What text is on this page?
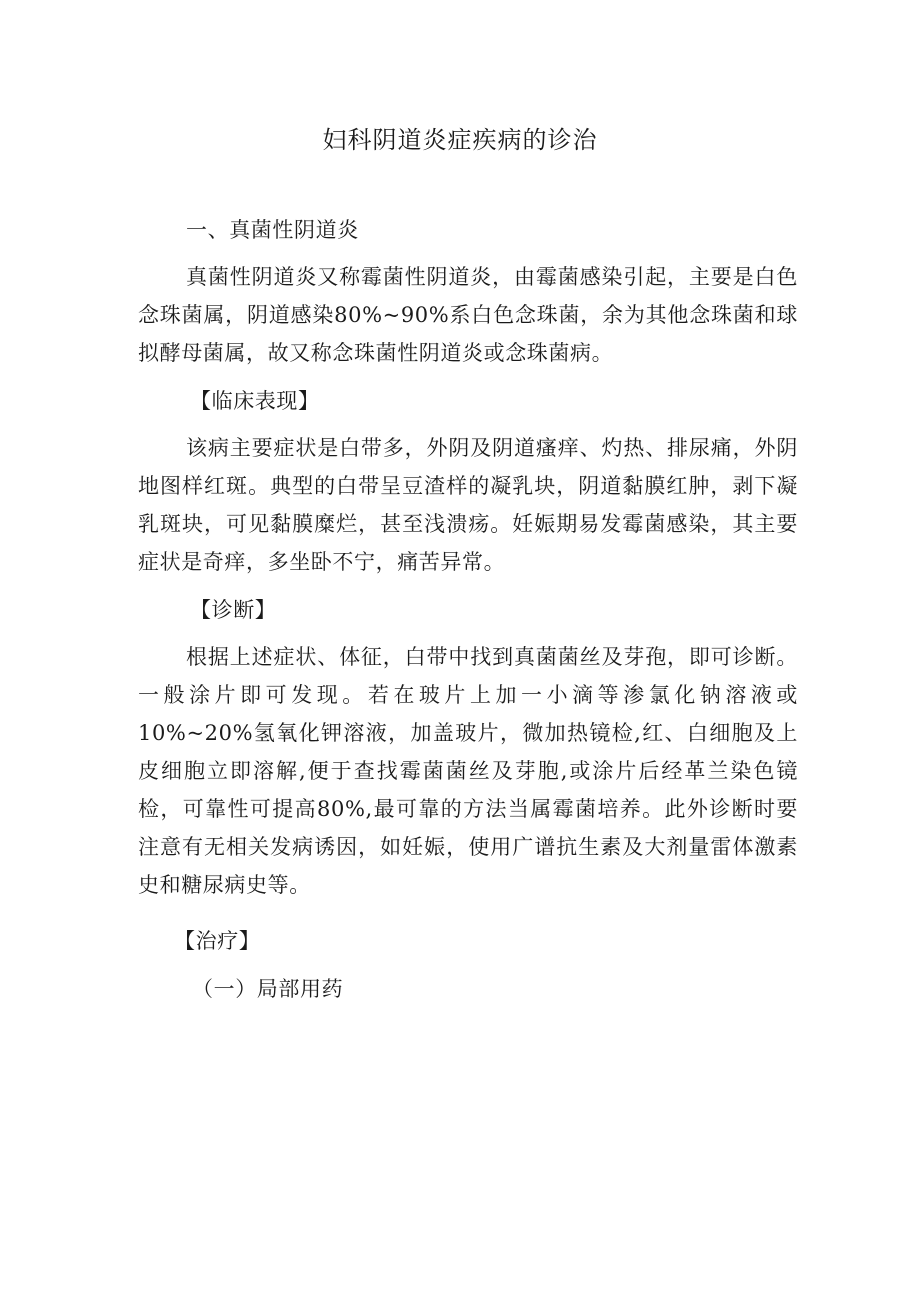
妇科阴道炎症疾病的诊治

一、真菌性阴道炎

真菌性阴道炎又称霉菌性阴道炎，由霉菌感染引起，主要是白色念珠菌属，阴道感染80%~90%系白色念珠菌，余为其他念珠菌和球拟酵母菌属，故又称念珠菌性阴道炎或念珠菌病。

【临床表现】

该病主要症状是白带多，外阴及阴道瘙痒、灼热、排尿痛，外阴地图样红斑。典型的白带呈豆渣样的凝乳块，阴道黏膜红肿，剥下凝乳斑块，可见黏膜糜烂，甚至浅溃疡。妊娠期易发霉菌感染，其主要症状是奇痒，多坐卧不宁，痛苦异常。

【诊断】

根据上述症状、体征，白带中找到真菌菌丝及芽孢，即可诊断。一般涂片即可发现。若在玻片上加一小滴等渗氯化钠溶液或10%~20%氢氧化钾溶液，加盖玻片，微加热镜检,红、白细胞及上皮细胞立即溶解,便于查找霉菌菌丝及芽胞,或涂片后经革兰染色镜检，可靠性可提高80%,最可靠的方法当属霉菌培养。此外诊断时要注意有无相关发病诱因，如妊娠，使用广谱抗生素及大剂量雷体激素史和糖尿病史等。

【治疗】

（一）局部用药
